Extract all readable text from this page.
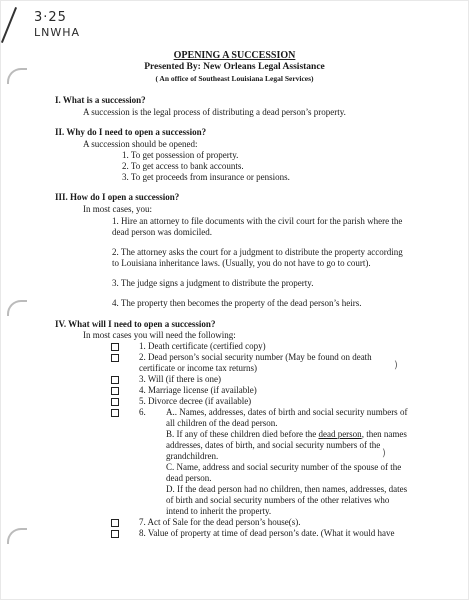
3·25
LNWHA
OPENING A SUCCESSION
Presented By: New Orleans Legal Assistance
( An office of Southeast Louisiana Legal Services)
I. What is a succession?
A succession is the legal process of distributing a dead person’s property.
II. Why do I need to open a succession?
A succession should be opened:
1. To get possession of property.
2. To get access to bank accounts.
3. To get proceeds from insurance or pensions.
III. How do I open a succession?
In most cases, you:
1. Hire an attorney to file documents with the civil court for the parish where the
dead person was domiciled.
2. The attorney asks the court for a judgment to distribute the property according
to Louisiana inheritance laws. (Usually, you do not have to go to court).
3. The judge signs a judgment to distribute the property.
4. The property then becomes the property of the dead person’s heirs.
IV. What will I need to open a succession?
In most cases you will need the following:
1. Death certificate (certified copy)
2. Dead person’s social security number (May be found on death
certificate or income tax returns)
3. Will (if there is one)
4. Marriage license (if available)
5. Divorce decree (if available)
6. A.. Names, addresses, dates of birth and social security numbers of
all children of the dead person.
B. If any of these children died before the dead person, then names
addresses, dates of birth, and social security numbers of the
grandchildren.
C. Name, address and social security number of the spouse of the
dead person.
D. If the dead person had no children, then names, addresses, dates
of birth and social security numbers of the other relatives who
intend to inherit the property.
7. Act of Sale for the dead person’s house(s).
8. Value of property at time of dead person’s date. (What it would have
)
)
